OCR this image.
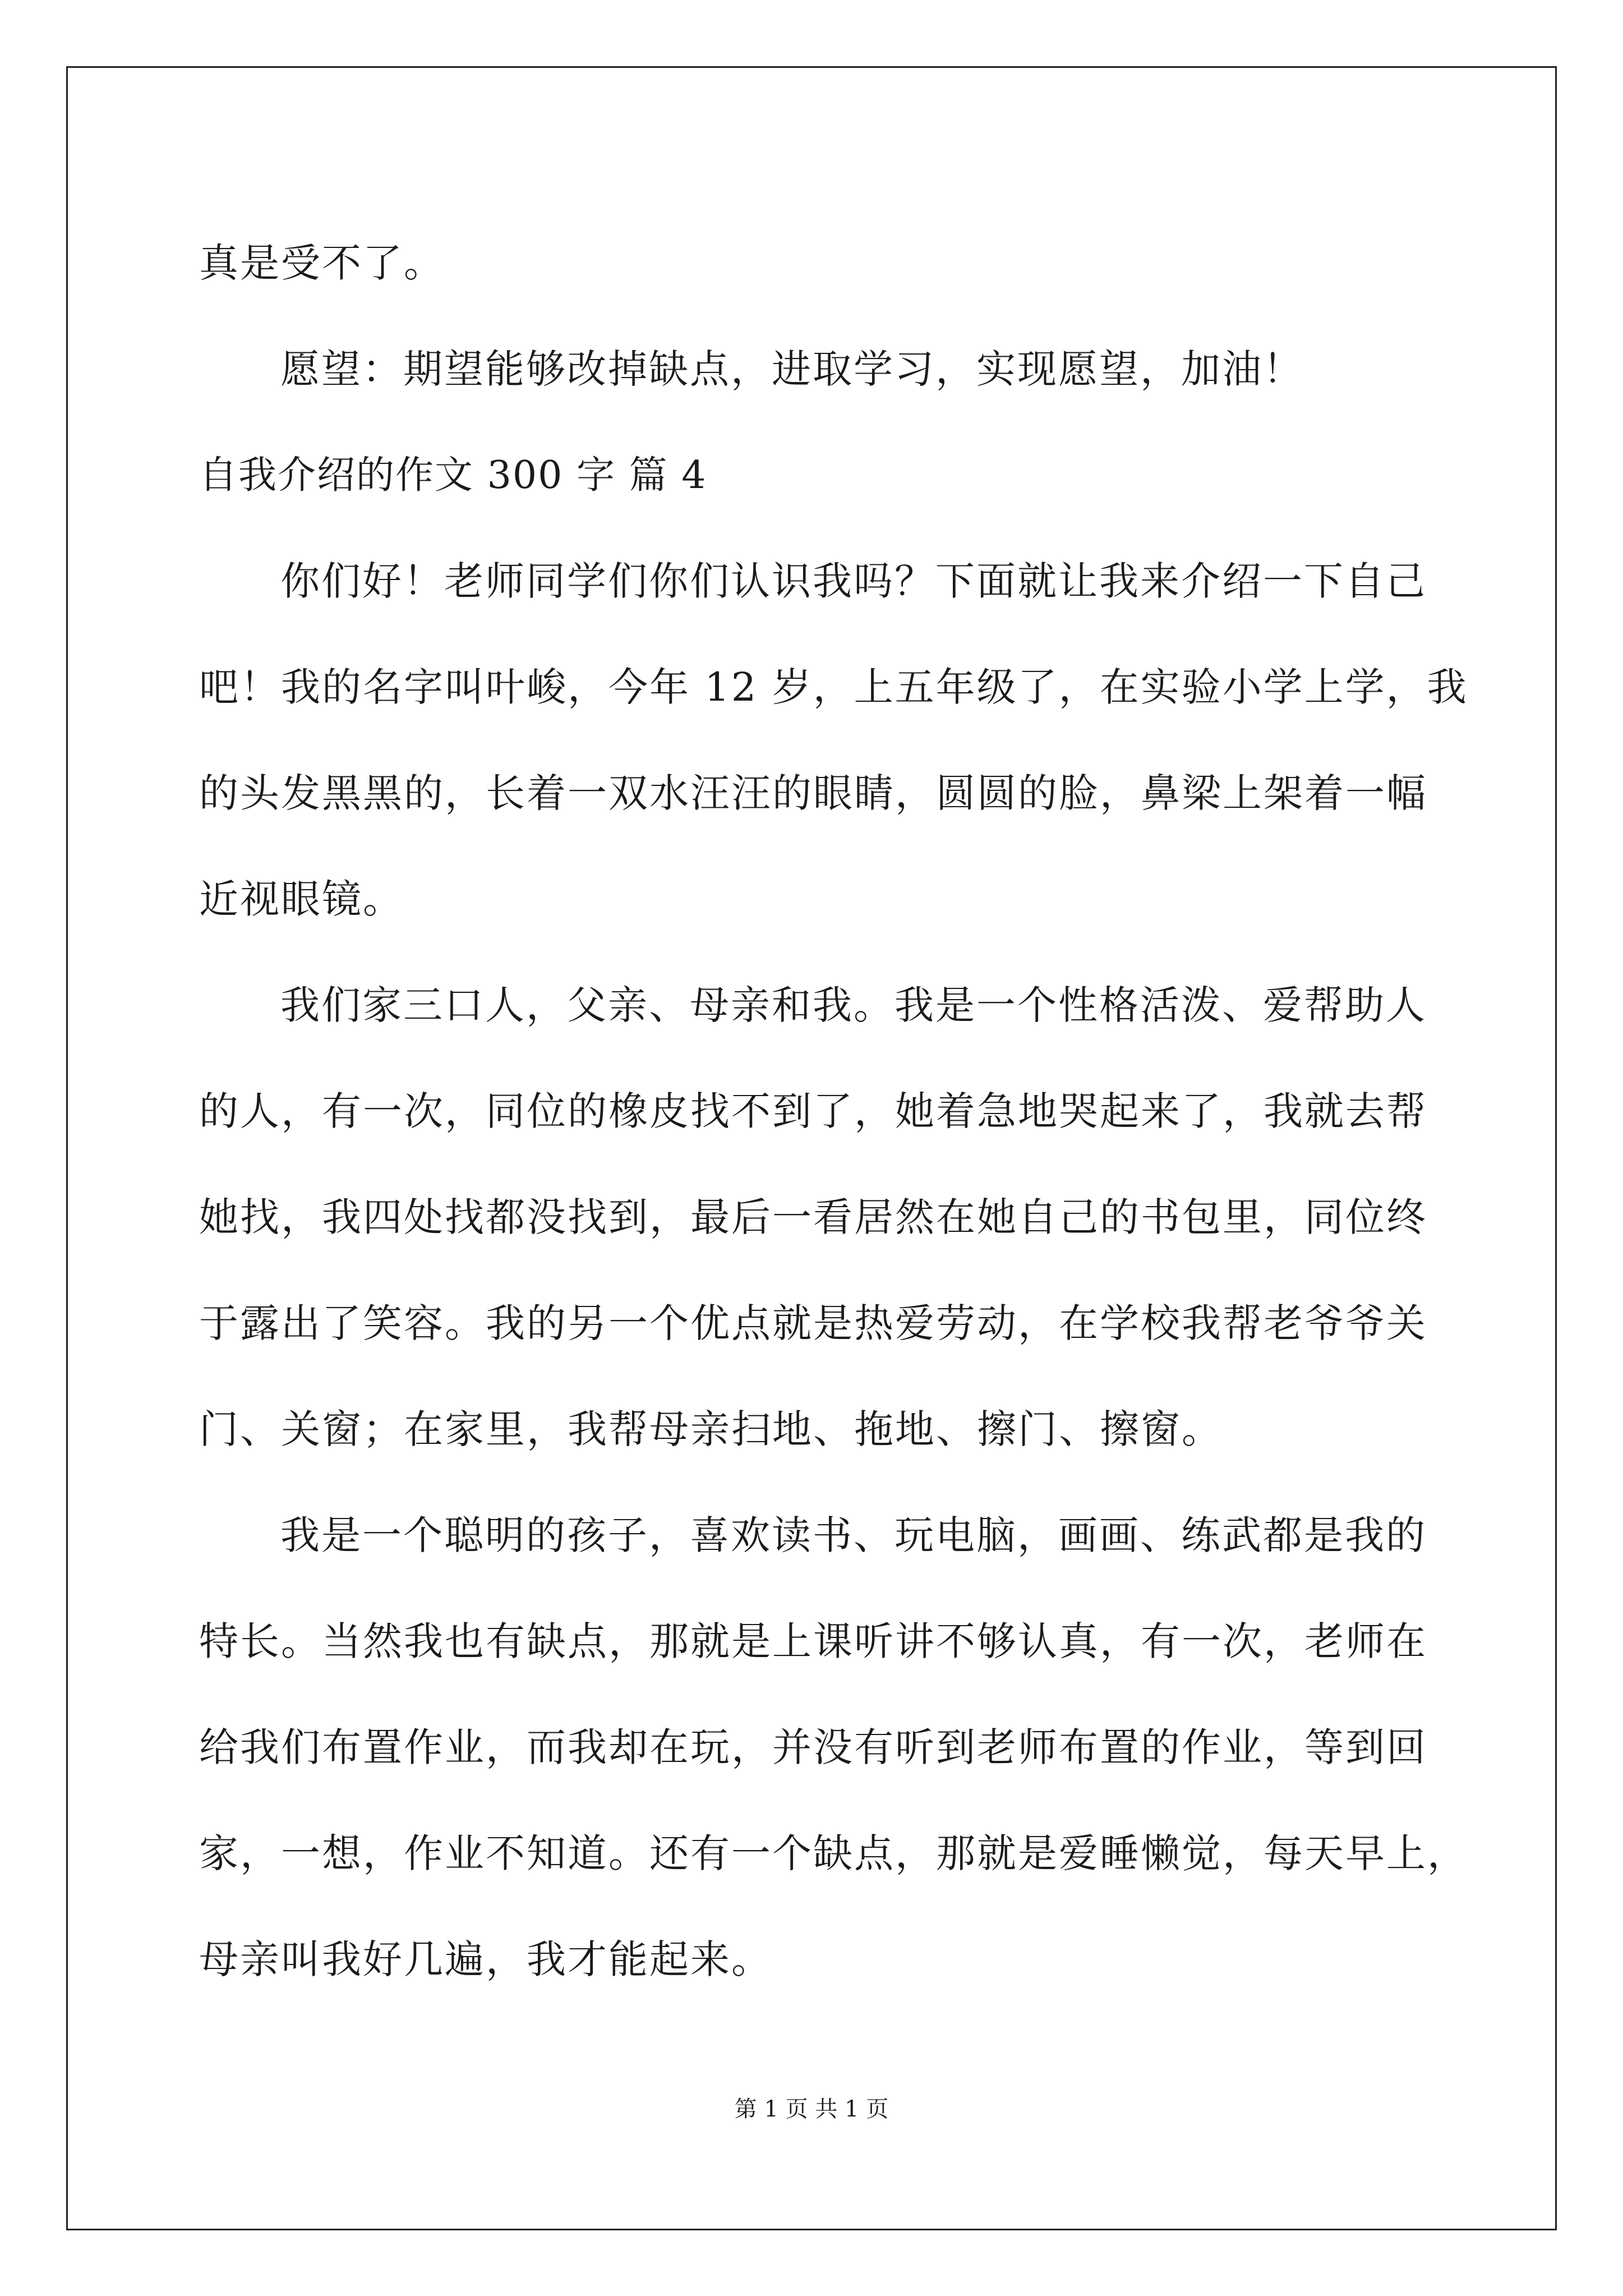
真是受不了。
愿望：期望能够改掉缺点，进取学习，实现愿望，加油！
自我介绍的作文 300 字 篇 4
你们好！老师同学们你们认识我吗？下面就让我来介绍一下自己
吧！我的名字叫叶峻，今年 12 岁，上五年级了，在实验小学上学，我
的头发黑黑的，长着一双水汪汪的眼睛，圆圆的脸，鼻梁上架着一幅
近视眼镜。
我们家三口人，父亲、母亲和我。我是一个性格活泼、爱帮助人
的人，有一次，同位的橡皮找不到了，她着急地哭起来了，我就去帮
她找，我四处找都没找到，最后一看居然在她自己的书包里，同位终
于露出了笑容。我的另一个优点就是热爱劳动，在学校我帮老爷爷关
门、关窗；在家里，我帮母亲扫地、拖地、擦门、擦窗。
我是一个聪明的孩子，喜欢读书、玩电脑，画画、练武都是我的
特长。当然我也有缺点，那就是上课听讲不够认真，有一次，老师在
给我们布置作业，而我却在玩，并没有听到老师布置的作业，等到回
家，一想，作业不知道。还有一个缺点，那就是爱睡懒觉，每天早上，
母亲叫我好几遍，我才能起来。
第 1 页 共 1 页
